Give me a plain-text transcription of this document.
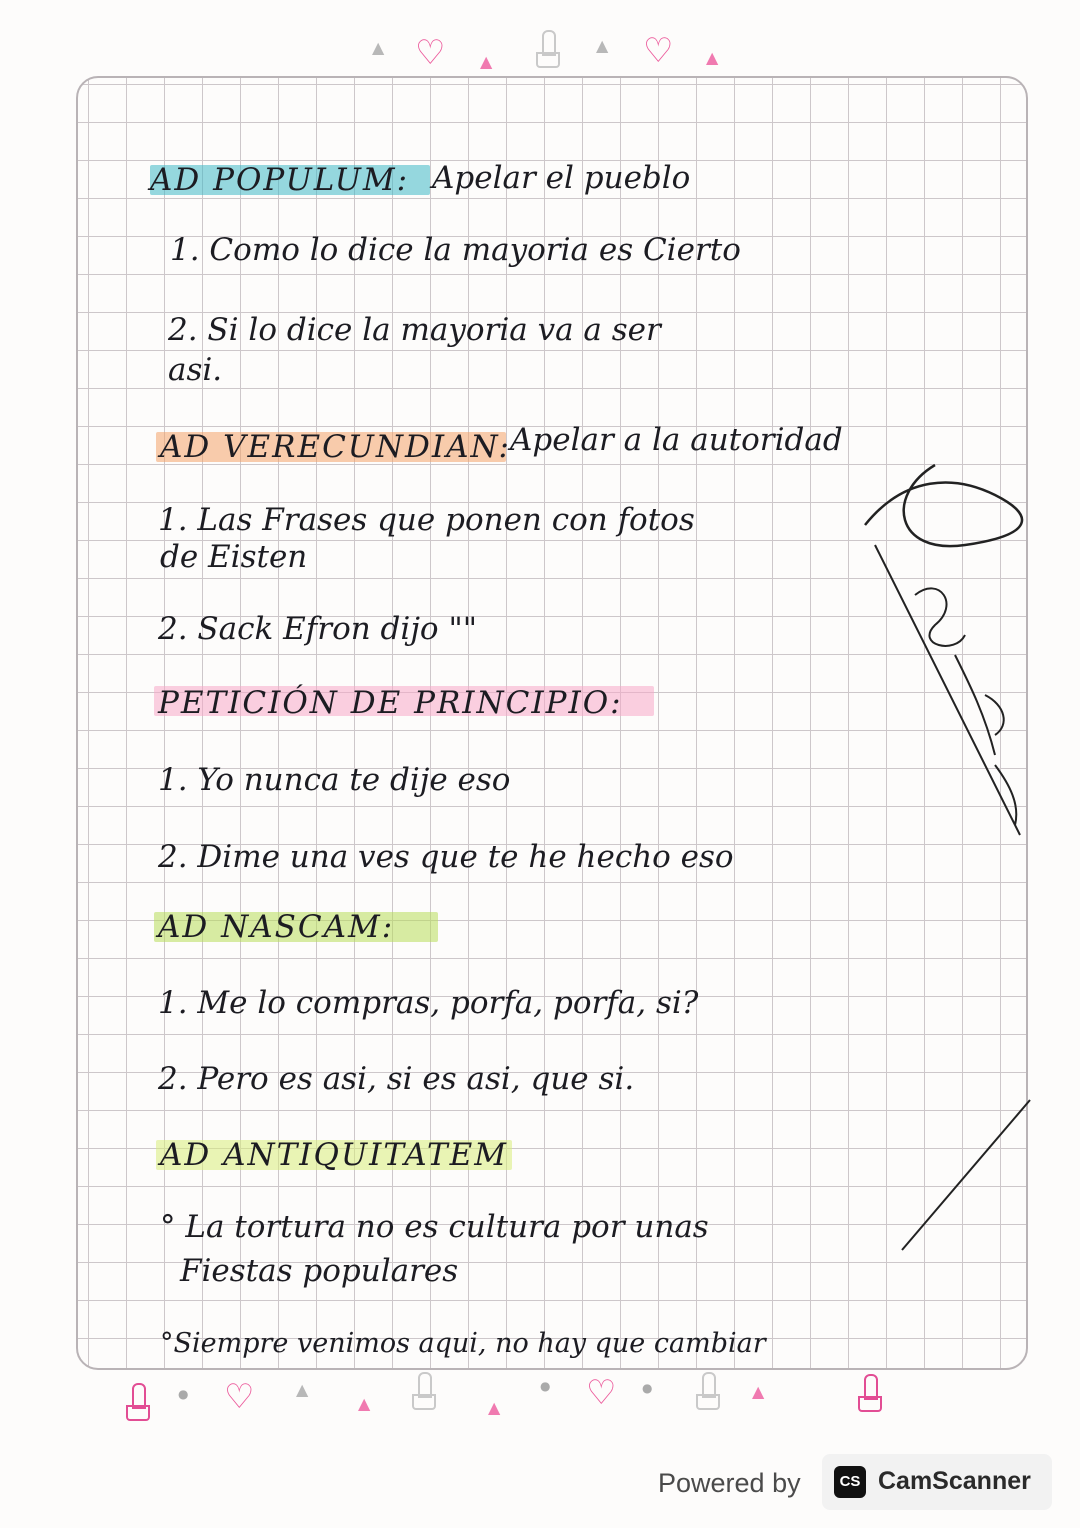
▲ ♡ ▲
▲ ♡ ▲
AD POPULUM: Apelar el pueblo
1. Como lo dice la mayoria es Cierto
2. Si lo dice la mayoria va a ser
asi.
AD VERECUNDIAN:
Apelar a la autoridad
1. Las Frases que ponen con fotos
de Eisten
2. Sack Efron dijo ""
PETICIÓN DE PRINCIPIO:
1. Yo nunca te dije eso
2. Dime una ves que te he hecho eso
AD NASCAM:
1. Me lo compras, porfa, porfa, si?
2. Pero es asi, si es asi, que si.
AD ANTIQUITATEM
° La tortura no es cultura por unas
Fiestas populares
°Siempre venimos aqui, no hay que cambiar
● ♡	▲
▲	▲
● ♡ ●	▲
Powered by	CS CamScanner
